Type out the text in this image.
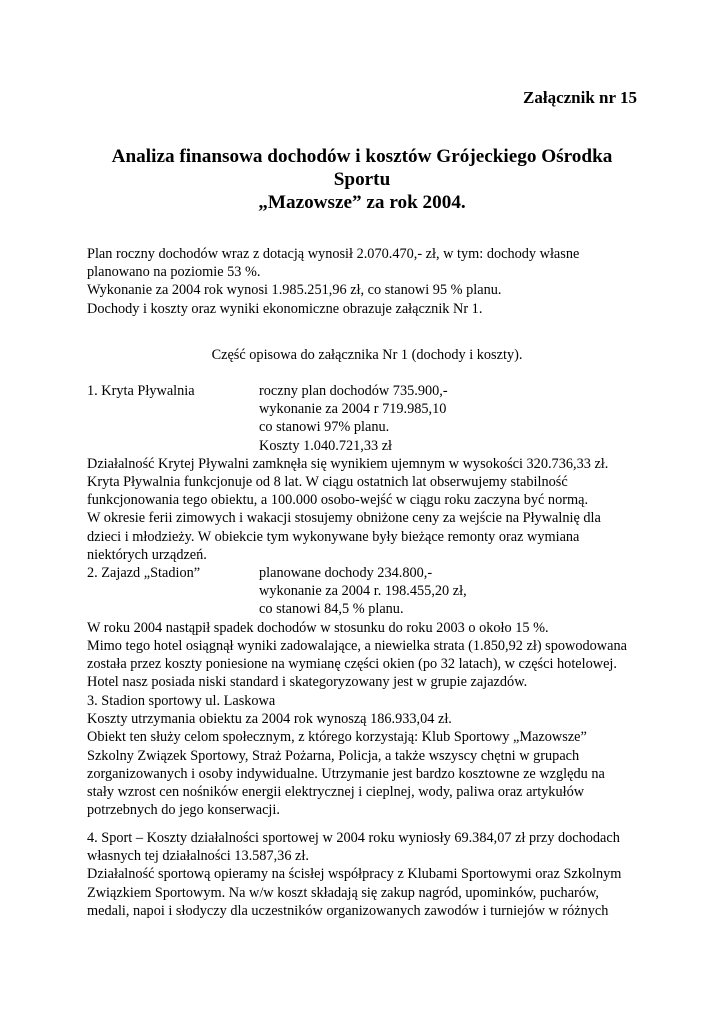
Załącznik nr 15
Analiza finansowa dochodów i kosztów Grójeckiego Ośrodka
Sportu
„Mazowsze” za rok 2004.
Plan roczny dochodów wraz z dotacją wynosił 2.070.470,- zł, w tym: dochody własne
planowano na poziomie 53 %.
Wykonanie za 2004 rok wynosi 1.985.251,96 zł, co stanowi 95 % planu.
Dochody i koszty oraz wyniki ekonomiczne obrazuje załącznik Nr 1.
Część opisowa do załącznika Nr 1 (dochody i koszty).
1. Kryta Pływalnia	roczny plan dochodów 735.900,-
wykonanie za 2004 r 719.985,10
co stanowi 97% planu.
Koszty 1.040.721,33 zł
Działalność Krytej Pływalni zamknęła się wynikiem ujemnym w wysokości 320.736,33 zł.
Kryta Pływalnia funkcjonuje od 8 lat. W ciągu ostatnich lat obserwujemy stabilność
funkcjonowania tego obiektu, a 100.000 osobo-wejść w ciągu roku zaczyna być normą.
W okresie ferii zimowych i wakacji stosujemy obniżone ceny za wejście na Pływalnię dla
dzieci i młodzieży. W obiekcie tym wykonywane były bieżące remonty oraz wymiana
niektórych urządzeń.
2. Zajazd „Stadion”	planowane dochody 234.800,-
wykonanie za 2004 r. 198.455,20 zł,
co stanowi 84,5 % planu.
W roku 2004 nastąpił spadek dochodów w stosunku do roku 2003 o około 15 %.
Mimo tego hotel osiągnął wyniki zadowalające, a niewielka strata (1.850,92 zł) spowodowana
została przez koszty poniesione na wymianę części okien (po 32 latach), w części hotelowej.
Hotel nasz posiada niski standard i skategoryzowany jest w grupie zajazdów.
3. Stadion sportowy ul. Laskowa
Koszty utrzymania obiektu za 2004 rok wynoszą 186.933,04 zł.
Obiekt ten służy celom społecznym, z którego korzystają: Klub Sportowy „Mazowsze”
Szkolny Związek Sportowy, Straż Pożarna, Policja, a także wszyscy chętni w grupach
zorganizowanych i osoby indywidualne. Utrzymanie jest bardzo kosztowne ze względu na
stały wzrost cen nośników energii elektrycznej i cieplnej, wody, paliwa oraz artykułów
potrzebnych do jego konserwacji.
4. Sport – Koszty działalności sportowej w 2004 roku wyniosły 69.384,07 zł przy dochodach
własnych tej działalności 13.587,36 zł.
Działalność sportową opieramy na ścisłej współpracy z Klubami Sportowymi oraz Szkolnym
Związkiem Sportowym. Na w/w koszt składają się zakup nagród, upominków, pucharów,
medali, napoi i słodyczy dla uczestników organizowanych zawodów i turniejów w różnych
